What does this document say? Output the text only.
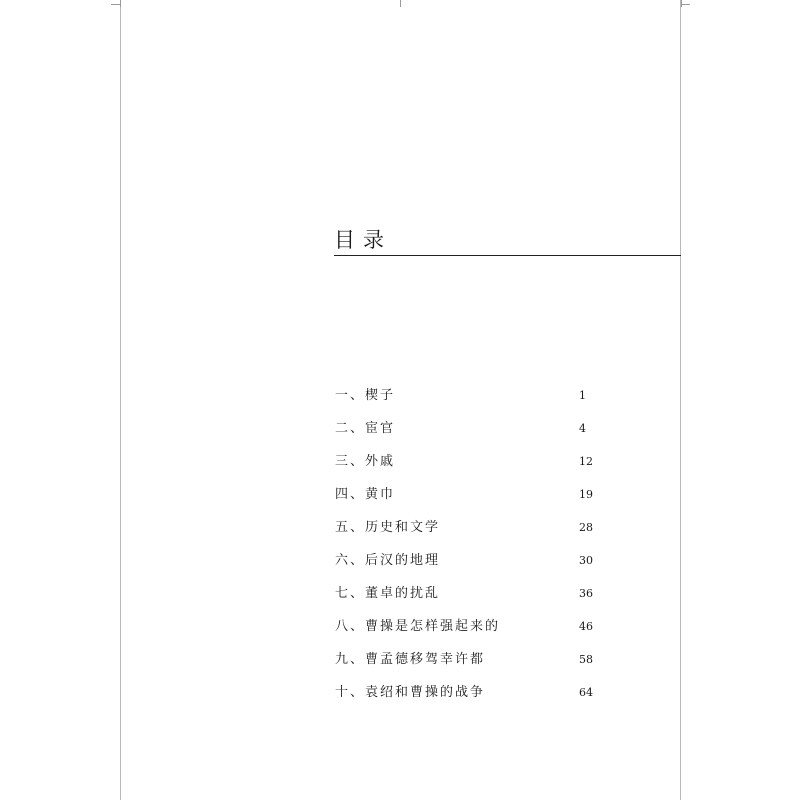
目录
一、楔子	1
二、宦官	4
三、外戚	12
四、黄巾	19
五、历史和文学	28
六、后汉的地理	30
七、董卓的扰乱	36
八、曹操是怎样强起来的	46
九、曹孟德移驾幸许都	58
十、袁绍和曹操的战争	64
